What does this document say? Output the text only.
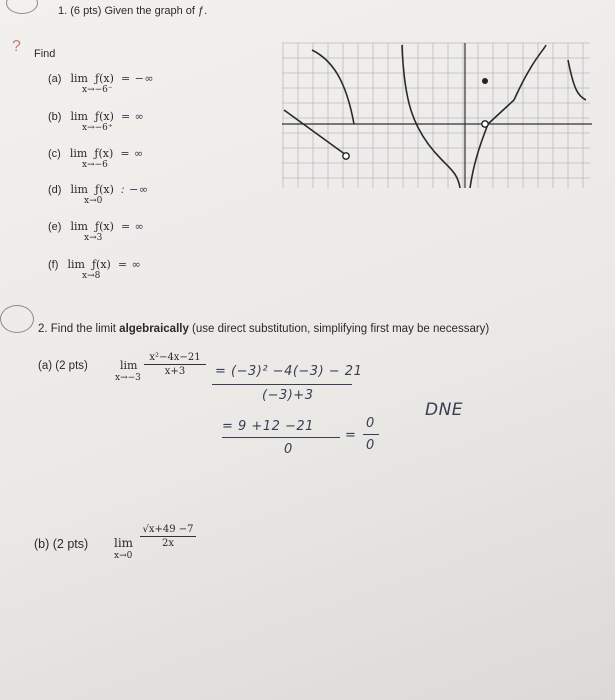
?
1. (6 pts) Given the graph of ƒ.
Find
(a) lim ƒ(x) = −∞
x→−6⁻
(b) lim ƒ(x) = ∞
x→−6⁺
(c) lim ƒ(x) = ∞
x→−6
(d) lim ƒ(x) : −∞
x→0
(e) lim ƒ(x) = ∞
x→3
(f) lim ƒ(x) = ∞
x→8
2. Find the limit algebraically (use direct substitution, simplifying first may be necessary)
(a) (2 pts)	lim
x→−3
x²−4x−21
x+3	= (−3)² −4(−3) − 21
(−3)+3
= 9 +12 −21
0
=
0
0
DNE
(b) (2 pts) lim
x→0
√x+49 −7
2x
